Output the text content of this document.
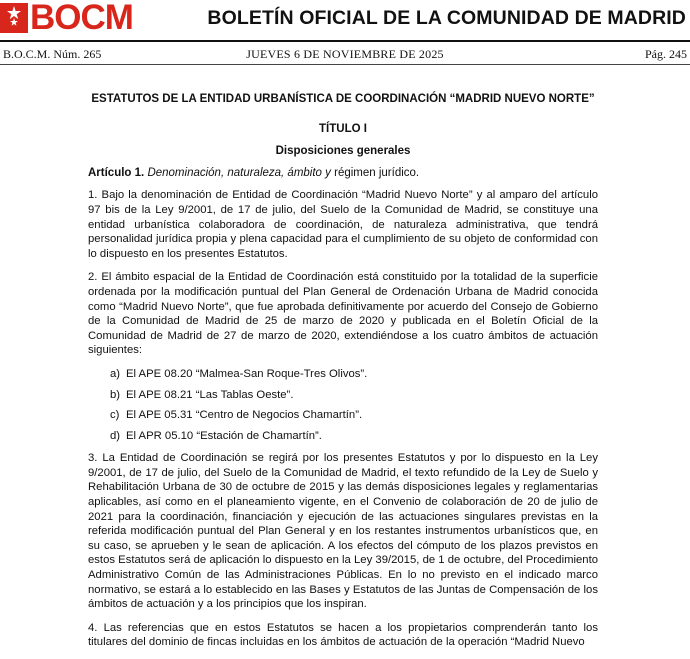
BOCM	BOLETÍN OFICIAL DE LA COMUNIDAD DE MADRID
JUEVES 6 DE NOVIEMBRE DE 2025
B.O.C.M. Núm. 265	Pág. 245
ESTATUTOS DE LA ENTIDAD URBANÍSTICA DE COORDINACIÓN “MADRID NUEVO NORTE”
TÍTULO I
Disposiciones generales
Artículo 1. Denominación, naturaleza, ámbito y régimen jurídico.

1. Bajo la denominación de Entidad de Coordinación “Madrid Nuevo Norte” y al amparo del artículo 97 bis de la Ley 9/2001, de 17 de julio, del Suelo de la Comunidad de Madrid, se constituye una entidad urbanística colaboradora de coordinación, de naturaleza administrativa, que tendrá personalidad jurídica propia y plena capacidad para el cumplimiento de su objeto de conformidad con lo dispuesto en los presentes Estatutos.

2. El ámbito espacial de la Entidad de Coordinación está constituido por la totalidad de la superficie ordenada por la modificación puntual del Plan General de Ordenación Urbana de Madrid conocida como “Madrid Nuevo Norte”, que fue aprobada definitivamente por acuerdo del Consejo de Gobierno de la Comunidad de Madrid de 25 de marzo de 2020 y publicada en el Boletín Oficial de la Comunidad de Madrid de 27 de marzo de 2020, extendiéndose a los cuatro ámbitos de actuación siguientes:

a) El APE 08.20 “Malmea-San Roque-Tres Olivos”.
b) El APE 08.21 “Las Tablas Oeste”.
c) El APE 05.31 “Centro de Negocios Chamartín”.
d) El APR 05.10 “Estación de Chamartín”.

3. La Entidad de Coordinación se regirá por los presentes Estatutos y por lo dispuesto en la Ley 9/2001, de 17 de julio, del Suelo de la Comunidad de Madrid, el texto refundido de la Ley de Suelo y Rehabilitación Urbana de 30 de octubre de 2015 y las demás disposiciones legales y reglamentarias aplicables, así como en el planeamiento vigente, en el Convenio de colaboración de 20 de julio de 2021 para la coordinación, financiación y ejecución de las actuaciones singulares previstas en la referida modificación puntual del Plan General y en los restantes instrumentos urbanísticos que, en su caso, se aprueben y le sean de aplicación. A los efectos del cómputo de los plazos previstos en estos Estatutos será de aplicación lo dispuesto en la Ley 39/2015, de 1 de octubre, del Procedimiento Administrativo Común de las Administraciones Públicas. En lo no previsto en el indicado marco normativo, se estará a lo establecido en las Bases y Estatutos de las Juntas de Compensación de los ámbitos de actuación y a los principios que los inspiran.

4. Las referencias que en estos Estatutos se hacen a los propietarios comprenderán tanto los titulares del dominio de fincas incluidas en los ámbitos de actuación de la operación “Madrid Nuevo
